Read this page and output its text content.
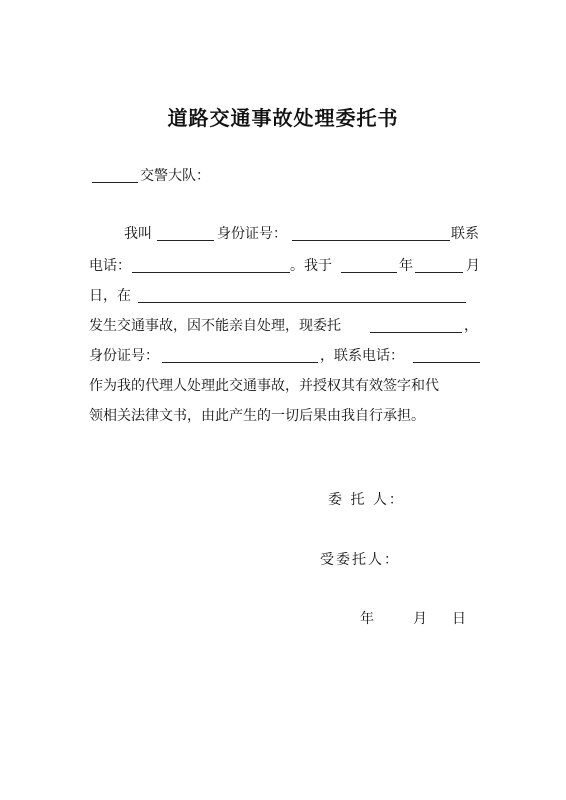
道路交通事故处理委托书
交警大队：
我叫	身份证号：	联系
电话：	。我于	年	月
日，在
发生交通事故，因不能亲自处理，现委托	，
身份证号：	，联系电话：
作为我的代理人处理此交通事故，并授权其有效签字和代
领相关法律文书，由此产生的一切后果由我自行承担。
委 托 人：
受委托人：
年	月 日
